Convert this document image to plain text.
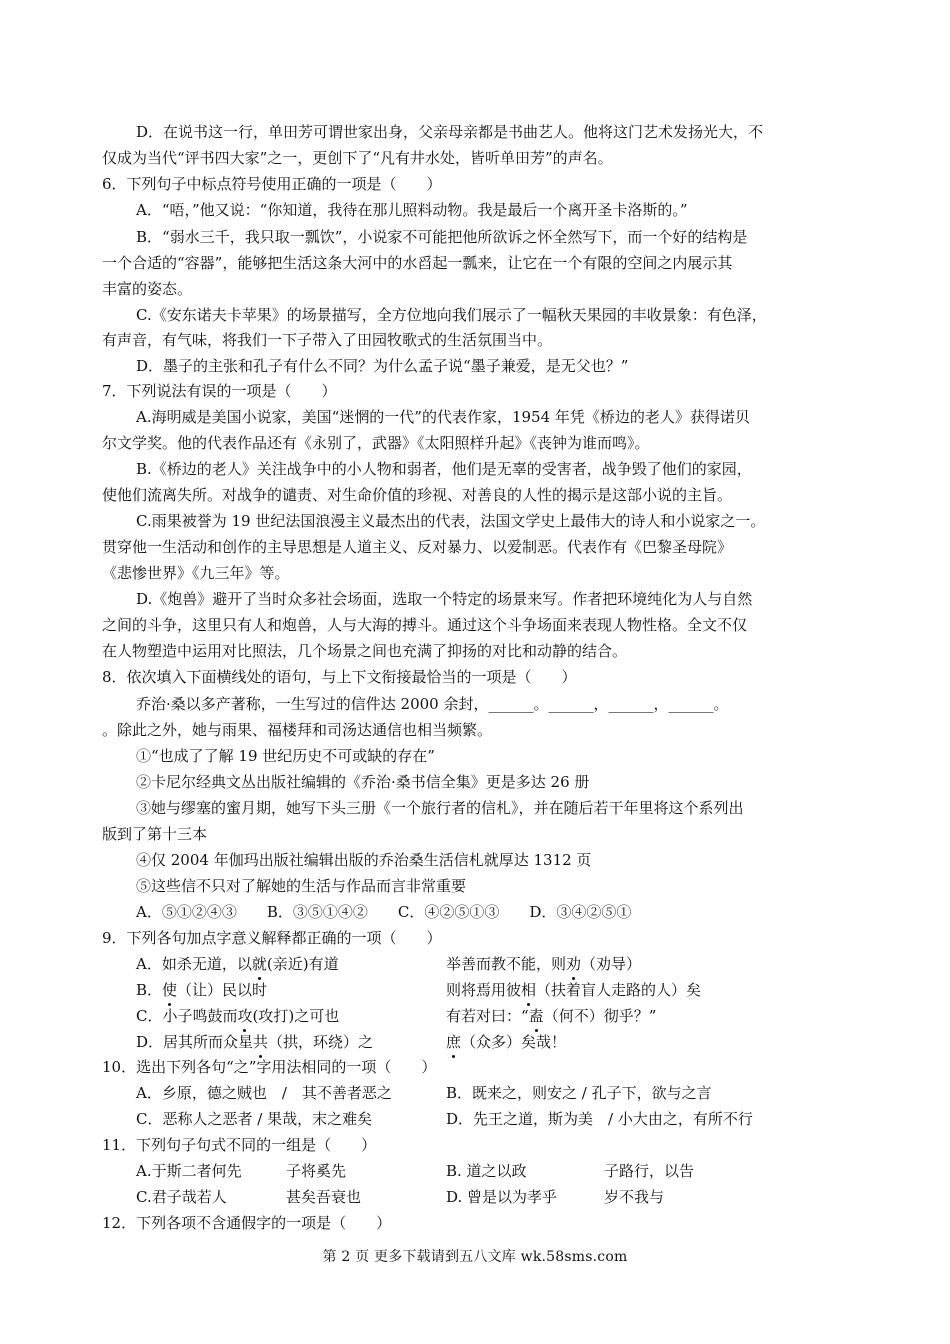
D．在说书这一行，单田芳可谓世家出身，父亲母亲都是书曲艺人。他将这门艺术发扬光大，不
仅成为当代“评书四大家”之一，更创下了“凡有井水处，皆听单田芳”的声名。
6．下列句子中标点符号使用正确的一项是（　　）
A．“唔，”他又说：“你知道，我待在那儿照料动物。我是最后一个离开圣卡洛斯的。”
B．“弱水三千，我只取一瓢饮”，小说家不可能把他所欲诉之怀全然写下，而一个好的结构是
一个合适的“容器”，能够把生活这条大河中的水舀起一瓢来，让它在一个有限的空间之内展示其
丰富的姿态。
C.《安东诺夫卡苹果》的场景描写，全方位地向我们展示了一幅秋天果园的丰收景象：有色泽，
有声音，有气味，将我们一下子带入了田园牧歌式的生活氛围当中。
D．墨子的主张和孔子有什么不同？为什么孟子说“墨子兼爱，是无父也？”
7．下列说法有误的一项是（　　）
A.海明威是美国小说家，美国“迷惘的一代”的代表作家，1954 年凭《桥边的老人》获得诺贝
尔文学奖。他的代表作品还有《永别了，武器》《太阳照样升起》《丧钟为谁而鸣》。
B.《桥边的老人》关注战争中的小人物和弱者，他们是无辜的受害者，战争毁了他们的家园，
使他们流离失所。对战争的谴责、对生命价值的珍视、对善良的人性的揭示是这部小说的主旨。
C.雨果被誉为 19 世纪法国浪漫主义最杰出的代表，法国文学史上最伟大的诗人和小说家之一。
贯穿他一生活动和创作的主导思想是人道主义、反对暴力、以爱制恶。代表作有《巴黎圣母院》
《悲惨世界》《九三年》等。
D.《炮兽》避开了当时众多社会场面，选取一个特定的场景来写。作者把环境纯化为人与自然
之间的斗争，这里只有人和炮兽，人与大海的搏斗。通过这个斗争场面来表现人物性格。全文不仅
在人物塑造中运用对比照法，几个场景之间也充满了抑扬的对比和动静的结合。
8．依次填入下面横线处的语句，与上下文衔接最恰当的一项是（　　）
乔治·桑以多产著称，一生写过的信件达 2000 余封，______。______，______，______。
。除此之外，她与雨果、福楼拜和司汤达通信也相当频繁。
①“也成了了解 19 世纪历史不可或缺的存在”
②卡尼尔经典文丛出版社编辑的《乔治·桑书信全集》更是多达 26 册
③她与缪塞的蜜月期，她写下头三册《一个旅行者的信札》，并在随后若干年里将这个系列出
版到了第十三本
④仅 2004 年伽玛出版社编辑出版的乔治桑生活信札就厚达 1312 页
⑤这些信不只对了解她的生活与作品而言非常重要
A．⑤①②④③　　B．③⑤①④②　　C．④②⑤①③　　D．③④②⑤①
9．下列各句加点字意义解释都正确的一项（　　）
A．如杀无道，以就(亲近)有道	举善而教不能，则劝（劝导）
B．使（让）民以时	则将焉用彼相（扶着盲人走路的人）矣
C．小子鸣鼓而攻(攻打)之可也	有若对曰：“盍（何不）彻乎？”
D．居其所而众星共（拱，环绕）之	庶（众多）矣哉！
10．选出下列各句“之”字用法相同的一项（　　）
A．乡原，德之贼也　/　其不善者恶之	B．既来之，则安之 / 孔子下，欲与之言
C．恶称人之恶者 / 果哉，末之难矣	D．先王之道，斯为美　/ 小大由之，有所不行
11．下列句子句式不同的一组是（　　）
A.于斯二者何先	子将奚先	B. 道之以政	子路行，以告
C.君子哉若人	甚矣吾衰也	D. 曾是以为孝乎	岁不我与
12．下列各项不含通假字的一项是（　　）
第 2 页 更多下载请到五八文库 wk.58sms.com
